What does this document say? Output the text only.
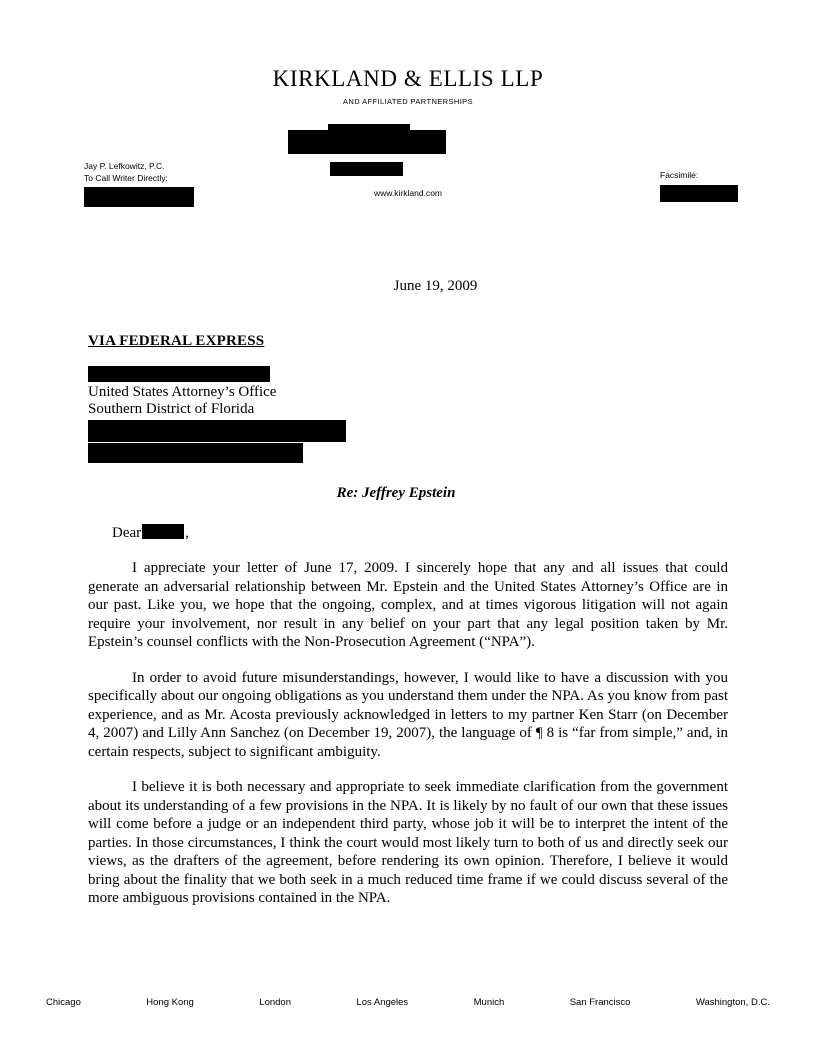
KIRKLAND & ELLIS LLP
AND AFFILIATED PARTNERSHIPS
www.kirkland.com
Jay P. Lefkowitz, P.C.
To Call Writer Directly:	Facsimile:
June 19, 2009
VIA FEDERAL EXPRESS
United States Attorney’s Office
Southern District of Florida
Re: Jeffrey Epstein
Dear	,

I appreciate your letter of June 17, 2009. I sincerely hope that any and all issues that could generate an adversarial relationship between Mr. Epstein and the United States Attorney’s Office are in our past. Like you, we hope that the ongoing, complex, and at times vigorous litigation will not again require your involvement, nor result in any belief on your part that any legal position taken by Mr. Epstein’s counsel conflicts with the Non-Prosecution Agreement (“NPA”).

In order to avoid future misunderstandings, however, I would like to have a discussion with you specifically about our ongoing obligations as you understand them under the NPA. As you know from past experience, and as Mr. Acosta previously acknowledged in letters to my partner Ken Starr (on December 4, 2007) and Lilly Ann Sanchez (on December 19, 2007), the language of ¶ 8 is “far from simple,” and, in certain respects, subject to significant ambiguity.

I believe it is both necessary and appropriate to seek immediate clarification from the government about its understanding of a few provisions in the NPA. It is likely by no fault of our own that these issues will come before a judge or an independent third party, whose job it will be to interpret the intent of the parties. In those circumstances, I think the court would most likely turn to both of us and directly seek our views, as the drafters of the agreement, before rendering its own opinion. Therefore, I believe it would bring about the finality that we both seek in a much reduced time frame if we could discuss several of the more ambiguous provisions contained in the NPA.

Chicago	Hong Kong	London	Los Angeles	Munich	San Francisco	Washington, D.C.
